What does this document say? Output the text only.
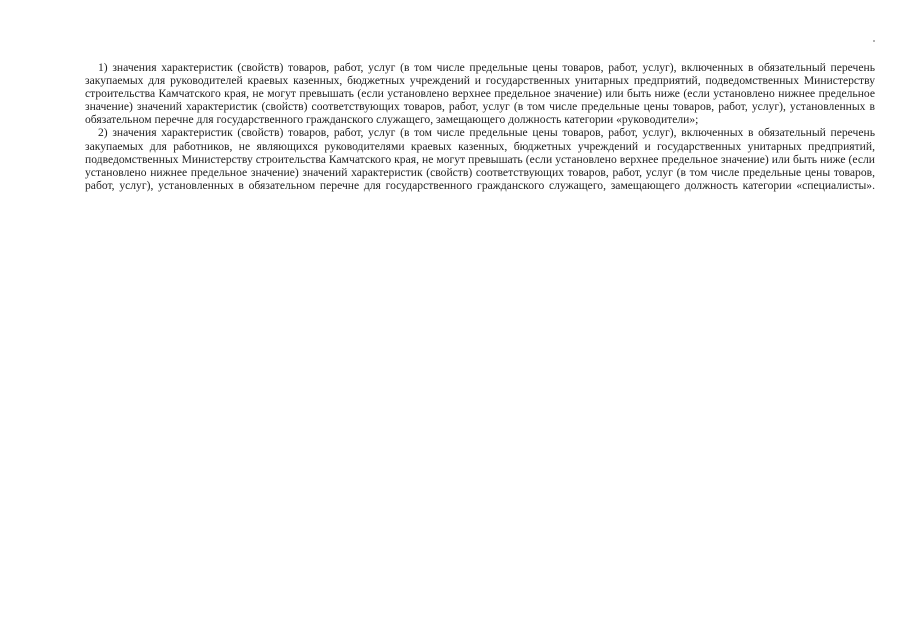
1) значения характеристик (свойств) товаров, работ, услуг (в том числе предельные цены товаров, работ, услуг), включенных в обязательный перечень закупаемых для руководителей краевых казенных, бюджетных учреждений и государственных унитарных предприятий, подведомственных Министерству строительства Камчатского края, не могут превышать (если установлено верхнее предельное значение) или быть ниже (если установлено нижнее предельное значение) значений характеристик (свойств) соответствующих товаров, работ, услуг (в том числе предельные цены товаров, работ, услуг), установленных в обязательном перечне для государственного гражданского служащего, замещающего должность категории «руководители»;

2) значения характеристик (свойств) товаров, работ, услуг (в том числе предельные цены товаров, работ, услуг), включенных в обязательный перечень закупаемых для работников, не являющихся руководителями краевых казенных, бюджетных учреждений и государственных унитарных предприятий, подведомственных Министерству строительства Камчатского края, не могут превышать (если установлено верхнее предельное значение) или быть ниже (если установлено нижнее предельное значение) значений характеристик (свойств) соответствующих товаров, работ, услуг (в том числе предельные цены товаров, работ, услуг), установленных в обязательном перечне для государственного гражданского служащего, замещающего должность категории «специалисты».
